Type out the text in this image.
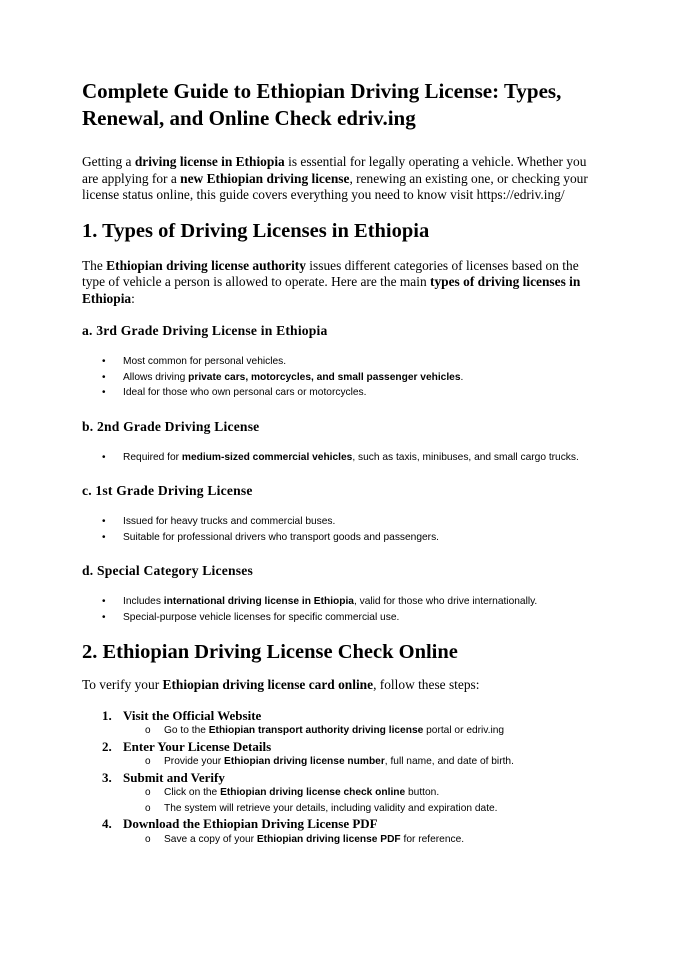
Complete Guide to Ethiopian Driving License: Types, Renewal, and Online Check edriv.ing

Getting a driving license in Ethiopia is essential for legally operating a vehicle. Whether you are applying for a new Ethiopian driving license, renewing an existing one, or checking your license status online, this guide covers everything you need to know visit https://edriv.ing/

1. Types of Driving Licenses in Ethiopia

The Ethiopian driving license authority issues different categories of licenses based on the type of vehicle a person is allowed to operate. Here are the main types of driving licenses in Ethiopia:

a. 3rd Grade Driving License in Ethiopia
• Most common for personal vehicles.
• Allows driving private cars, motorcycles, and small passenger vehicles.
• Ideal for those who own personal cars or motorcycles.
b. 2nd Grade Driving License
• Required for medium-sized commercial vehicles, such as taxis, minibuses, and small cargo trucks.
c. 1st Grade Driving License
• Issued for heavy trucks and commercial buses.
• Suitable for professional drivers who transport goods and passengers.
d. Special Category Licenses
• Includes international driving license in Ethiopia, valid for those who drive internationally.
• Special-purpose vehicle licenses for specific commercial use.
2. Ethiopian Driving License Check Online

To verify your Ethiopian driving license card online, follow these steps:

1. Visit the Official Website
o Go to the Ethiopian transport authority driving license portal or edriv.ing
2. Enter Your License Details
o Provide your Ethiopian driving license number, full name, and date of birth.
3. Submit and Verify
o Click on the Ethiopian driving license check online button.
o The system will retrieve your details, including validity and expiration date.
4. Download the Ethiopian Driving License PDF
o Save a copy of your Ethiopian driving license PDF for reference.
